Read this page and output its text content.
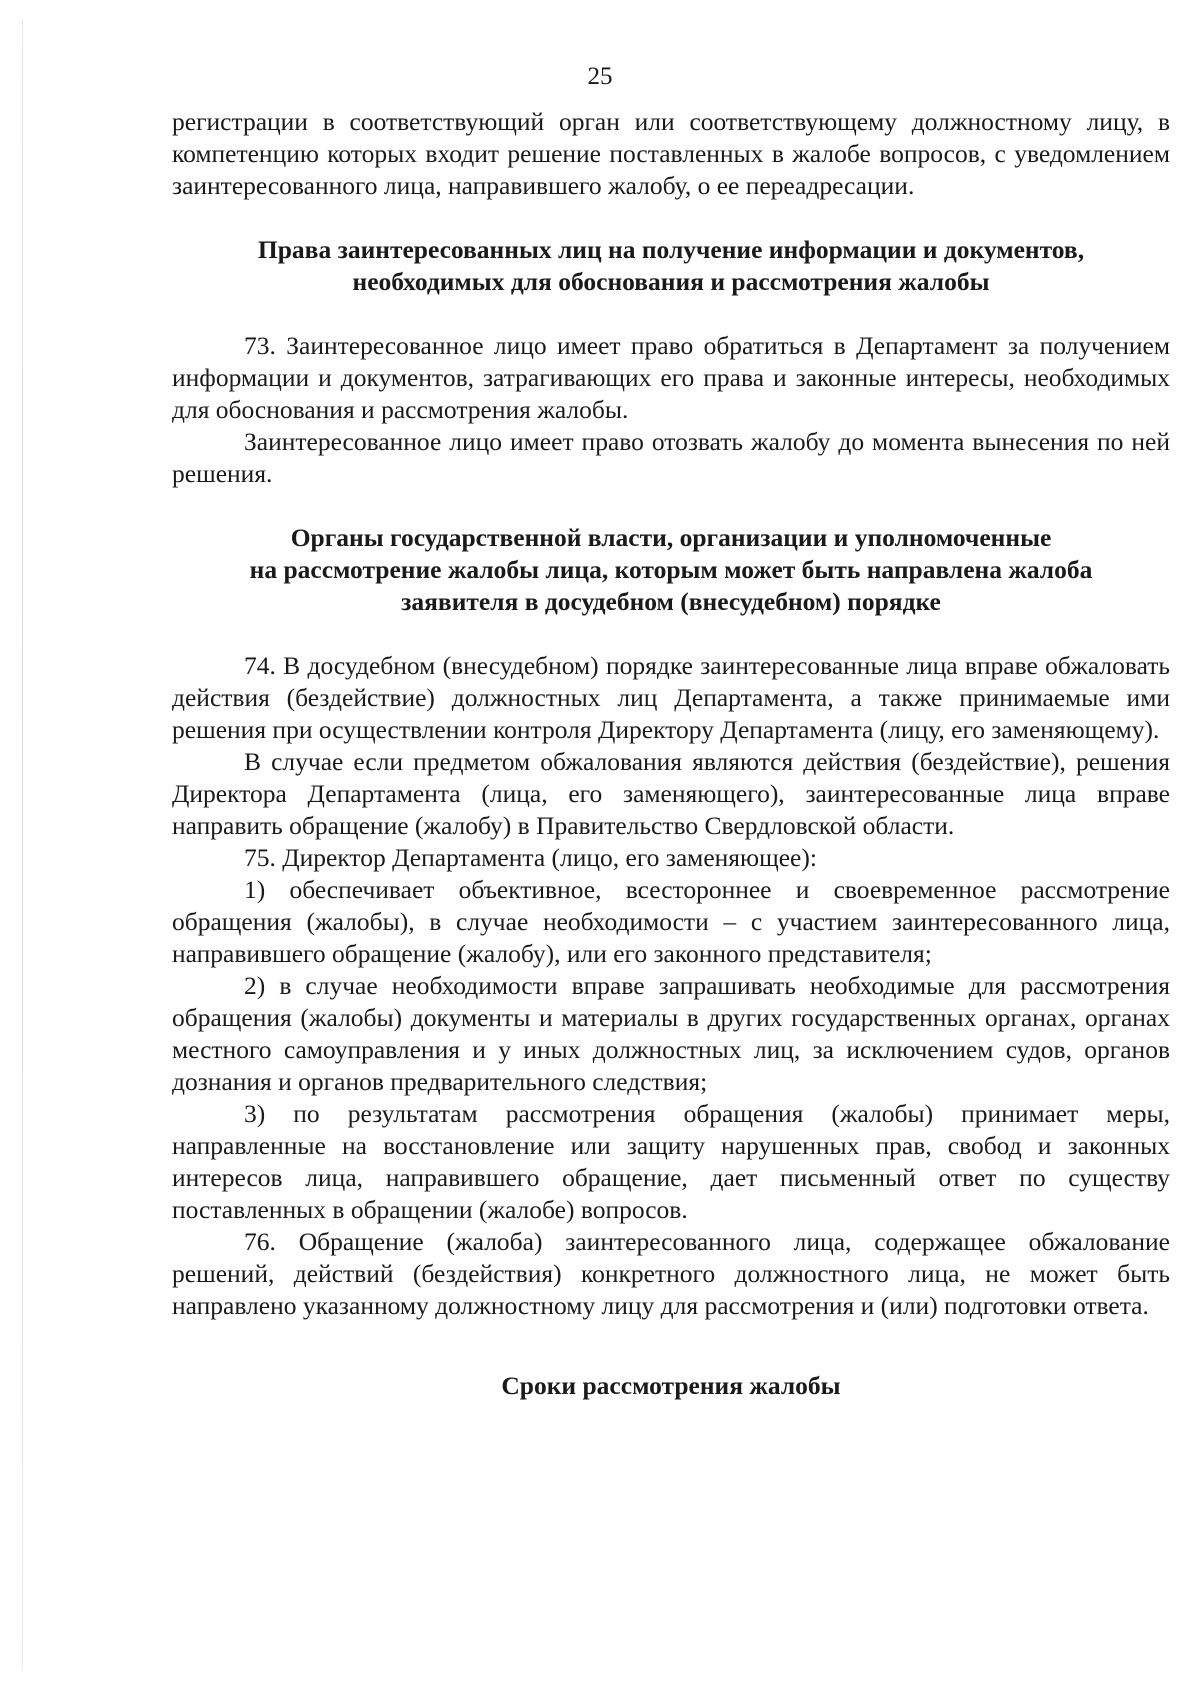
25

регистрации в соответствующий орган или соответствующему должностному лицу, в компетенцию которых входит решение поставленных в жалобе вопросов, с уведомлением заинтересованного лица, направившего жалобу, о ее переадресации.

Права заинтересованных лиц на получение информации и документов,
необходимых для обоснования и рассмотрения жалобы

73. Заинтересованное лицо имеет право обратиться в Департамент за получением информации и документов, затрагивающих его права и законные интересы, необходимых для обоснования и рассмотрения жалобы.

Заинтересованное лицо имеет право отозвать жалобу до момента вынесения по ней решения.

Органы государственной власти, организации и уполномоченные
на рассмотрение жалобы лица, которым может быть направлена жалоба
заявителя в досудебном (внесудебном) порядке

74. В досудебном (внесудебном) порядке заинтересованные лица вправе обжаловать действия (бездействие) должностных лиц Департамента, а также принимаемые ими решения при осуществлении контроля Директору Департамента (лицу, его заменяющему).

В случае если предметом обжалования являются действия (бездействие), решения Директора Департамента (лица, его заменяющего), заинтересованные лица вправе направить обращение (жалобу) в Правительство Свердловской области.

75. Директор Департамента (лицо, его заменяющее):

1) обеспечивает объективное, всестороннее и своевременное рассмотрение обращения (жалобы), в случае необходимости – с участием заинтересованного лица, направившего обращение (жалобу), или его законного представителя;

2) в случае необходимости вправе запрашивать необходимые для рассмотрения обращения (жалобы) документы и материалы в других государственных органах, органах местного самоуправления и у иных должностных лиц, за исключением судов, органов дознания и органов предварительного следствия;

3) по результатам рассмотрения обращения (жалобы) принимает меры, направленные на восстановление или защиту нарушенных прав, свобод и законных интересов лица, направившего обращение, дает письменный ответ по существу поставленных в обращении (жалобе) вопросов.

76. Обращение (жалоба) заинтересованного лица, содержащее обжалование решений, действий (бездействия) конкретного должностного лица, не может быть направлено указанному должностному лицу для рассмотрения и (или) подготовки ответа.

Сроки рассмотрения жалобы
